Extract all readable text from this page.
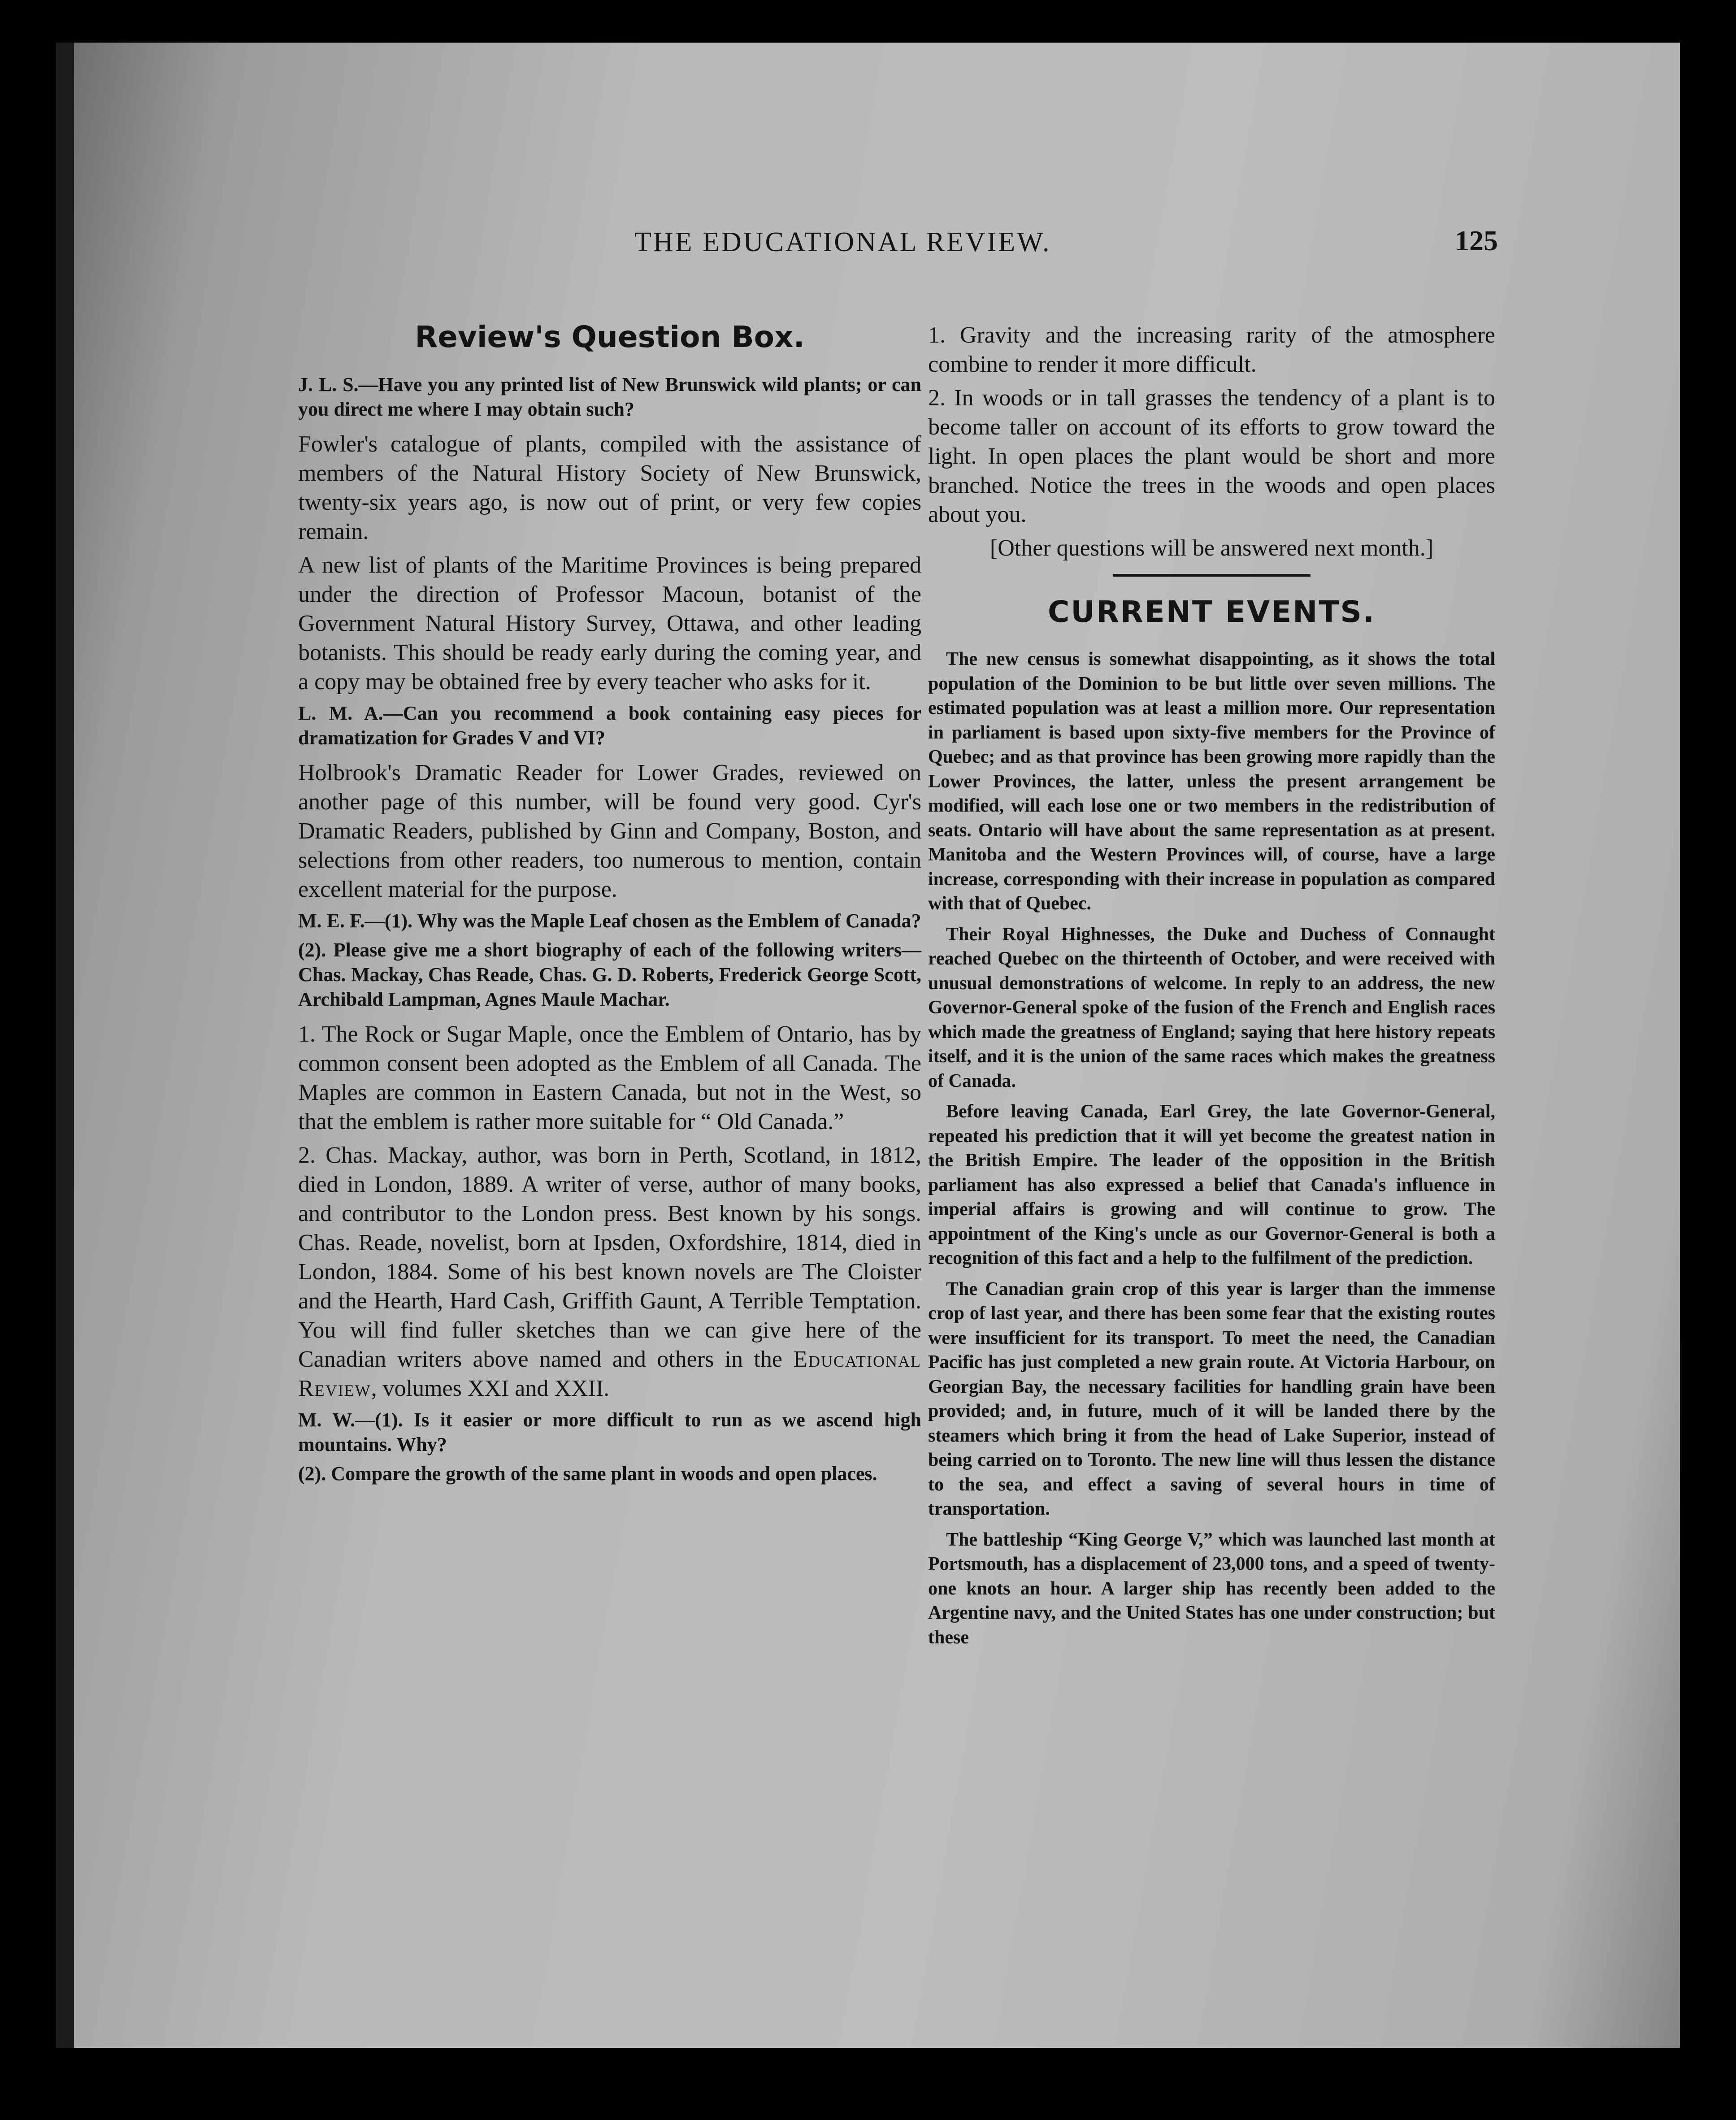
THE EDUCATIONAL REVIEW.	125
Review's Question Box.

J. L. S.—Have you any printed list of New Brunswick wild plants; or can you direct me where I may obtain such?

Fowler's catalogue of plants, compiled with the assistance of members of the Natural History Society of New Brunswick, twenty-six years ago, is now out of print, or very few copies remain.

A new list of plants of the Maritime Provinces is being prepared under the direction of Professor Macoun, botanist of the Government Natural History Survey, Ottawa, and other leading botanists. This should be ready early during the coming year, and a copy may be obtained free by every teacher who asks for it.

L. M. A.—Can you recommend a book containing easy pieces for dramatization for Grades V and VI?

Holbrook's Dramatic Reader for Lower Grades, reviewed on another page of this number, will be found very good. Cyr's Dramatic Readers, published by Ginn and Company, Boston, and selections from other readers, too numerous to mention, contain excellent material for the purpose.

M. E. F.—(1). Why was the Maple Leaf chosen as the Emblem of Canada?

(2). Please give me a short biography of each of the following writers—Chas. Mackay, Chas Reade, Chas. G. D. Roberts, Frederick George Scott, Archibald Lampman, Agnes Maule Machar.

1. The Rock or Sugar Maple, once the Emblem of Ontario, has by common consent been adopted as the Emblem of all Canada. The Maples are common in Eastern Canada, but not in the West, so that the emblem is rather more suitable for “ Old Canada.”

2. Chas. Mackay, author, was born in Perth, Scotland, in 1812, died in London, 1889. A writer of verse, author of many books, and contributor to the London press. Best known by his songs. Chas. Reade, novelist, born at Ipsden, Oxfordshire, 1814, died in London, 1884. Some of his best known novels are The Cloister and the Hearth, Hard Cash, Griffith Gaunt, A Terrible Temptation. You will find fuller sketches than we can give here of the Canadian writers above named and others in the Educational Review, volumes XXI and XXII.

M. W.—(1). Is it easier or more difficult to run as we ascend high mountains. Why?

(2). Compare the growth of the same plant in woods and open places.

1. Gravity and the increasing rarity of the atmosphere combine to render it more difficult.

2. In woods or in tall grasses the tendency of a plant is to become taller on account of its efforts to grow toward the light. In open places the plant would be short and more branched. Notice the trees in the woods and open places about you.

[Other questions will be answered next month.]

CURRENT EVENTS.

The new census is somewhat disappointing, as it shows the total population of the Dominion to be but little over seven millions. The estimated population was at least a million more. Our representation in parliament is based upon sixty-five members for the Province of Quebec; and as that province has been growing more rapidly than the Lower Provinces, the latter, unless the present arrangement be modified, will each lose one or two members in the redistribution of seats. Ontario will have about the same representation as at present. Manitoba and the Western Provinces will, of course, have a large increase, corresponding with their increase in population as compared with that of Quebec.

Their Royal Highnesses, the Duke and Duchess of Connaught reached Quebec on the thirteenth of October, and were received with unusual demonstrations of welcome. In reply to an address, the new Governor-General spoke of the fusion of the French and English races which made the greatness of England; saying that here history repeats itself, and it is the union of the same races which makes the greatness of Canada.

Before leaving Canada, Earl Grey, the late Governor-General, repeated his prediction that it will yet become the greatest nation in the British Empire. The leader of the opposition in the British parliament has also expressed a belief that Canada's influence in imperial affairs is growing and will continue to grow. The appointment of the King's uncle as our Governor-General is both a recognition of this fact and a help to the fulfilment of the prediction.

The Canadian grain crop of this year is larger than the immense crop of last year, and there has been some fear that the existing routes were insufficient for its transport. To meet the need, the Canadian Pacific has just completed a new grain route. At Victoria Harbour, on Georgian Bay, the necessary facilities for handling grain have been provided; and, in future, much of it will be landed there by the steamers which bring it from the head of Lake Superior, instead of being carried on to Toronto. The new line will thus lessen the distance to the sea, and effect a saving of several hours in time of transportation.

The battleship “King George V,” which was launched last month at Portsmouth, has a displacement of 23,000 tons, and a speed of twenty-one knots an hour. A larger ship has recently been added to the Argentine navy, and the United States has one under construction; but these
